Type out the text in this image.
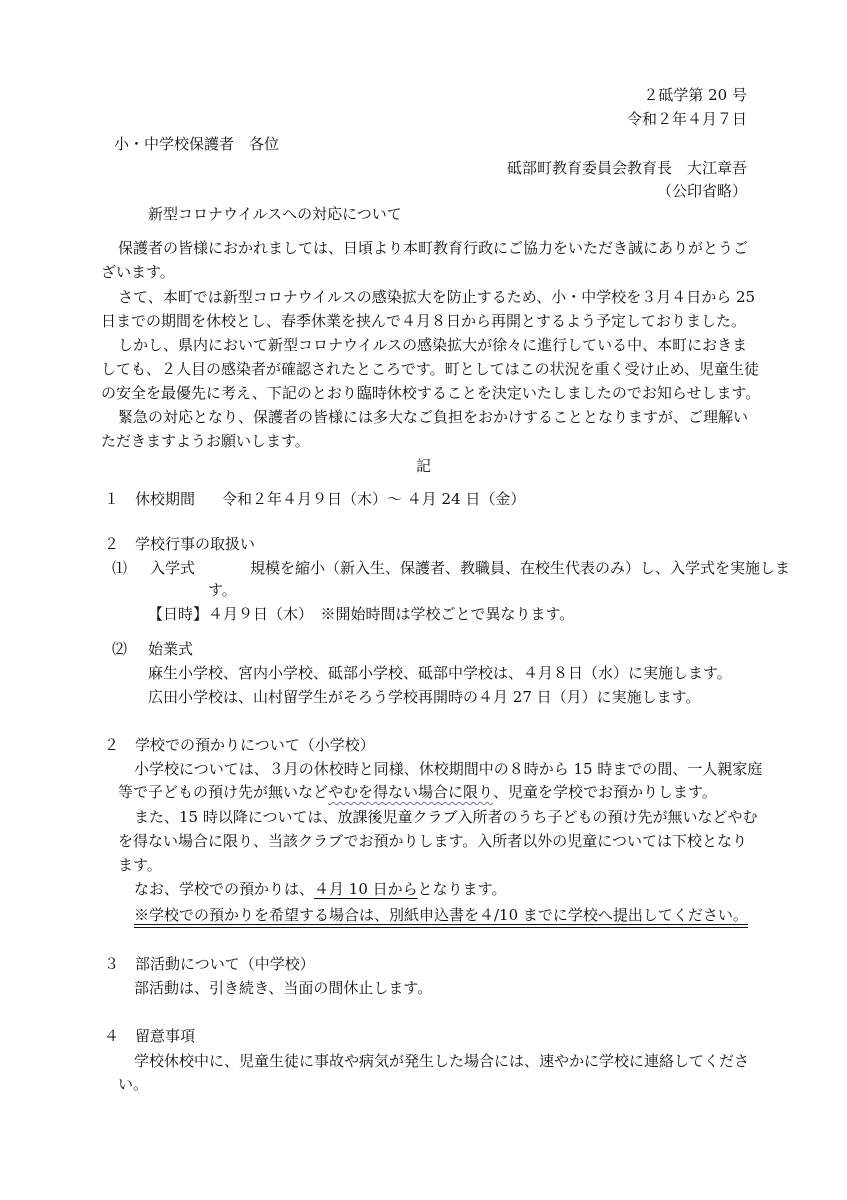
２砥学第 20 号
令和２年４月７日
小・中学校保護者　各位
砥部町教育委員会教育長　大江章吾
（公印省略）
新型コロナウイルスへの対応について
保護者の皆様におかれましては、日頃より本町教育行政にご協力をいただき誠にありがとうご
ざいます。
さて、本町では新型コロナウイルスの感染拡大を防止するため、小・中学校を３月４日から 25
日までの期間を休校とし、春季休業を挟んで４月８日から再開とするよう予定しておりました。
しかし、県内において新型コロナウイルスの感染拡大が徐々に進行している中、本町におきま
しても、２人目の感染者が確認されたところです。町としてはこの状況を重く受け止め、児童生徒
の安全を最優先に考え、下記のとおり臨時休校することを決定いたしましたのでお知らせします。
緊急の対応となり、保護者の皆様には多大なご負担をおかけすることとなりますが、ご理解い
ただきますようお願いします。
記
１ 休校期間 令和２年４月９日（木）～ ４月 24 日（金）
２ 学校行事の取扱い
⑴ 入学式	規模を縮小（新入生、保護者、教職員、在校生代表のみ）し、入学式を実施しま
す。
【日時】４月９日（木）　※開始時間は学校ごとで異なります。
⑵ 始業式
麻生小学校、宮内小学校、砥部小学校、砥部中学校は、４月８日（水）に実施します。
広田小学校は、山村留学生がそろう学校再開時の４月 27 日（月）に実施します。
２ 学校での預かりについて（小学校）
小学校については、３月の休校時と同様、休校期間中の８時から 15 時までの間、一人親家庭
等で子どもの預け先が無いなどやむを得ない場合に限り、児童を学校でお預かりします。
また、15 時以降については、放課後児童クラブ入所者のうち子どもの預け先が無いなどやむ
を得ない場合に限り、当該クラブでお預かりします。入所者以外の児童については下校となり
ます。
なお、学校での預かりは、４月 10 日からとなります。
※学校での預かりを希望する場合は、別紙申込書を４/10 までに学校へ提出してください。
３ 部活動について（中学校）
部活動は、引き続き、当面の間休止します。
４ 留意事項
学校休校中に、児童生徒に事故や病気が発生した場合には、速やかに学校に連絡してくださ
い。
